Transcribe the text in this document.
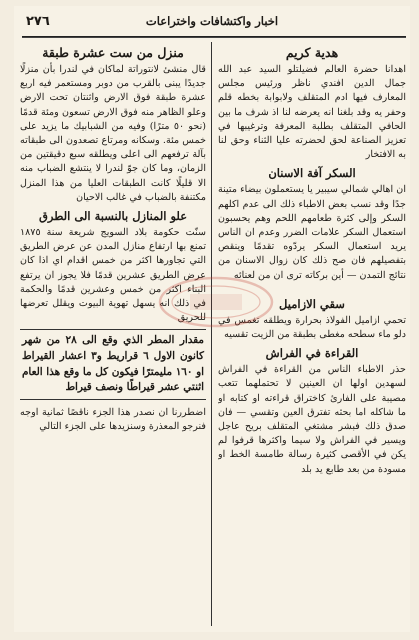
٢٧٦	اخبار واكتشافات واختراعات
هدية كريم

اهدانا حضرة العالم فضيلتلو السيد عبد الله جمال الدين افندي ناظر ورئيس مجلس المعارف فيها ادم المتقلف ولابوابة بخطه قلم وحفر يه وقد بلغنا انه يعرضه لنا اذ شرف ما بين الحافي المتقلف بطلبة المعرفة وترغيبها في تعزيز الصناعة لحق لحضرته عليا الثناء وحق لنا به الافتخار

السكر آفة الاسنان

ان اهالي شمالي سيبير يا يستعملون بيضاء متينة جدًا وقد نسب بعض الاطباء ذلك الى عدم اكلهم السكر وإلى كثرة طعامهم اللحم وهم يحسبون استعمال السكر علامات الضرر وعدم ان الناس يريد استعمال السكر يردّوه تقدمًا وينقص بتفصيلهم فان صح ذلك كان زوال الاسنان من نتائج التمدن — أين بركاته ترى ان من لعنائه

سقي الازاميل

تحمي ازاميل الفولاذ بحرارة ويطلقه تغمس في دلو ماء سطحه مغطى بطبقة من الزيت تقسيه

القراءة في الفراش

حذر الاطباء الناس من القراءة في الفراش لسهدين اولها ان العينين لا تحتملهما تتعب مصيبة على الفارئ كاختراق قراءته او كتابه او ما شاكله اما بحثه تفترق العين وتقسي — فان صدق ذلك فبشر مشتغي المتقلف بريح عاجل ويسير في الفراش ولا سيما واكثرها قرفوا لم يكن في الأقصى كثيرة رسالة طامسة الخط او مسودة من بعد طابع يد بلد

منزل من ست عشرة طبقة

قال منشئ لانتوراتة لماكان في لندرا بأن منزلًا جديدًا يبنى بالقرب من دوبر ومستعمر فيه اربع عشرة طبقة فوق الارض واثنتان تحت الارض وعلو الظاهر منه فوق الارض تسعون ومئة قدمًا (نحو ٥٠ مترًا) وفيه من الشبابيك ما يزيد على خمس مئة. وسكانه ومرتاع تصعدون الى طبقاته بآلة ترفعهم الى اعلى ويطلقه سبع دقيقتين من الزمان، وما كان جوّ لندرا لا ينتشع الضباب منه الا قليلًا كانت الطبقات العليا من هذا المنزل مكتنفة بالضباب في غالب الاحيان

علو المنازل بالنسبة الى الطرق

سنّت حكومة بلاد السويج شريعة سنة ١٨٧٥ تمنع بها ارتفاع منازل المدن عن عرض الطريق التي تجاورها اكثر من خمس اقدام اي اذا كان عرض الطريق عشرين قدمًا فلا يجوز ان يرتفع البناء اكثر من خمس وعشرين قدمًا والحكمة في ذلك انه يسهل تهوية البيوت ويقلل تعرضها للحريق

مقدار المطر الذي وقع الى ٢٨ من شهر كانون الاول ٦ قراريط و٣ اعشار القيراط او ١٦٠ مليمترًا فيكون كل ما وقع هذا العام اثنتي عشر قيراطًا ونصف قيراط

اضطررنا ان نصدر هذا الجزء ناقصًا ثمانية اوجه فنرجو المعذرة وسنزيدها على الجزء التالي
